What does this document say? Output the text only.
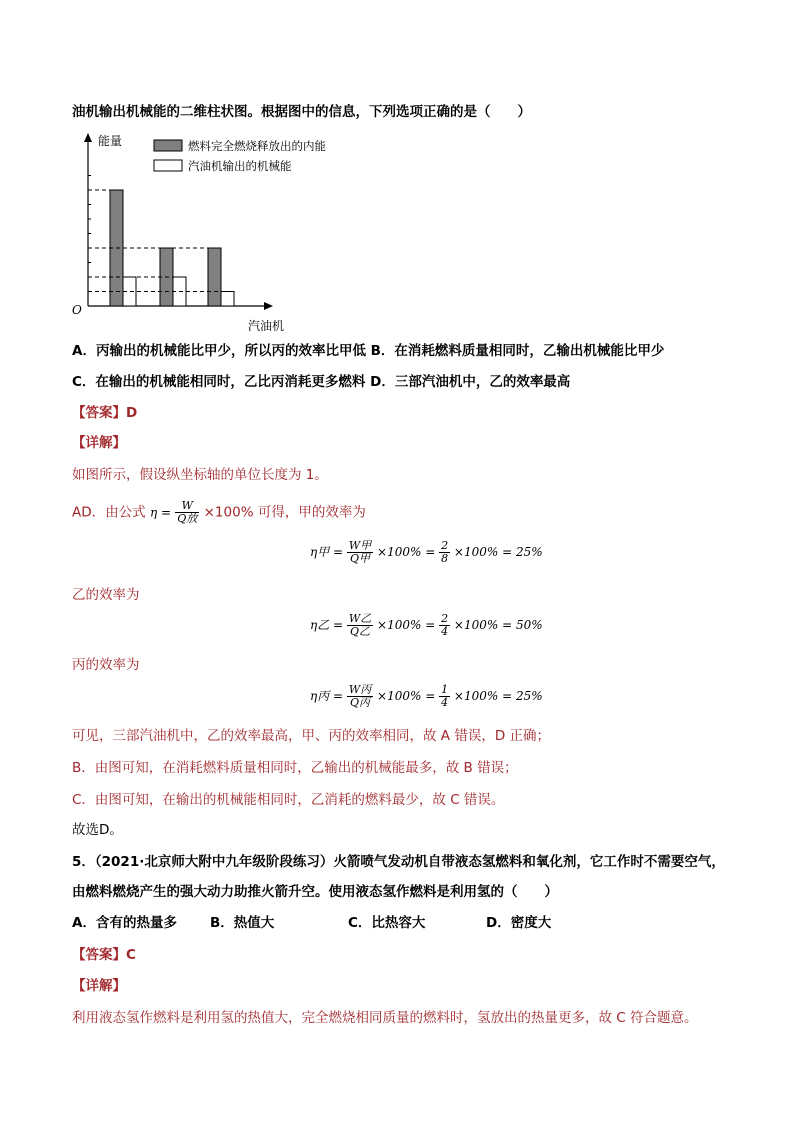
油机输出机械能的二维柱状图。根据图中的信息，下列选项正确的是（　　）
能量
汽油机
O
燃料完全燃烧释放出的内能
汽油机输出的机械能
A．丙输出的机械能比甲少，所以丙的效率比甲低 B．在消耗燃料质量相同时，乙输出机械能比甲少
C．在输出的机械能相同时，乙比丙消耗更多燃料 D．三部汽油机中，乙的效率最高
【答案】D
【详解】
如图所示，假设纵坐标轴的单位长度为 1。
AD．由公式 $\eta = \frac{W}{\text{Q放}} \times 100\%$ 可得，甲的效率为
η甲 = $\frac{\text{W甲}}{\text{Q甲}} \times 100\% = \frac{2}{8} \times 100\% = 25\%$
乙的效率为
η乙 = $\frac{\text{W乙}}{\text{Q乙}} \times 100\% = \frac{2}{4} \times 100\% = 50\%$
丙的效率为
η丙 = $\frac{\text{W丙}}{\text{Q丙}} \times 100\% = \frac{1}{4} \times 100\% = 25\%$
可见，三部汽油机中，乙的效率最高，甲、丙的效率相同，故 A 错误，D 正确；
B．由图可知，在消耗燃料质量相同时，乙输出的机械能最多，故 B 错误；
C．由图可知，在输出的机械能相同时，乙消耗的燃料最少，故 C 错误。
故选D。
5．（2021·北京师大附中九年级阶段练习）火箭喷气发动机自带液态氢燃料和氧化剂，它工作时不需要空气，
由燃料燃烧产生的强大动力助推火箭升空。使用液态氢作燃料是利用氢的（　　）
A．含有的热量多 B．热值大	C．比热容大	D．密度大
【答案】C
【详解】
利用液态氢作燃料是利用氢的热值大，完全燃烧相同质量的燃料时，氢放出的热量更多，故 C 符合题意。
